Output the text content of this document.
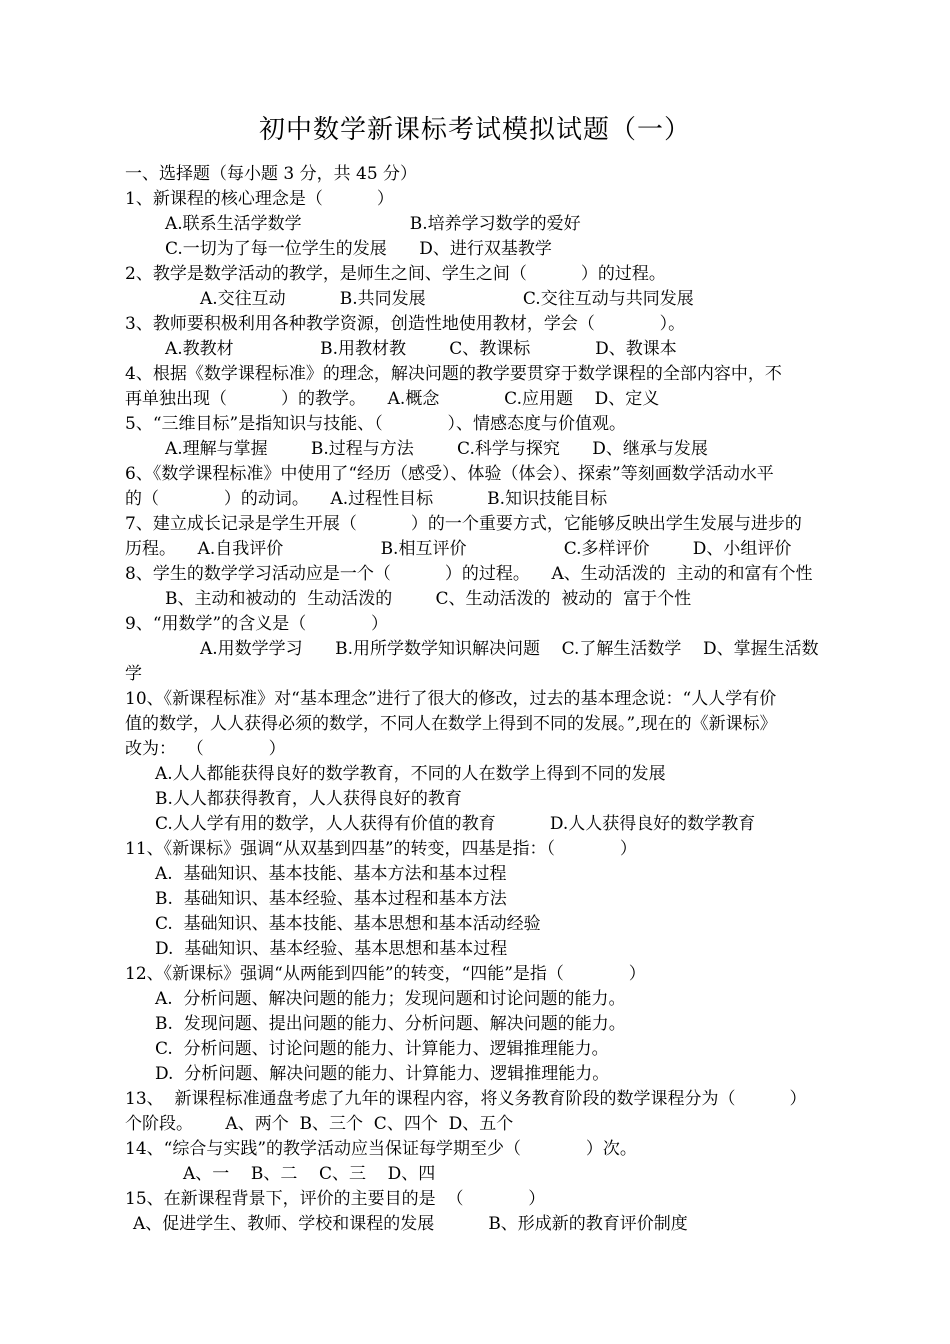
初中数学新课标考试模拟试题（一）
一、选择题（每小题 3 分，共 45 分）
1、新课程的核心理念是（          ）
A.联系生活学数学                    B.培养学习数学的爱好
C.一切为了每一位学生的发展      D、进行双基教学
2、教学是数学活动的教学，是师生之间、学生之间（          ）的过程。
A.交往互动          B.共同发展                  C.交往互动与共同发展
3、教师要积极利用各种教学资源，创造性地使用教材，学会（            ）。
A.教教材                B.用教材教        C、教课标            D、教课本
4、根据《数学课程标准》的理念，解决问题的教学要贯穿于数学课程的全部内容中，不
再单独出现（          ）的教学。    A.概念            C.应用题    D、定义
5、“三维目标”是指知识与技能、（            ）、情感态度与价值观。
A.理解与掌握        B.过程与方法        C.科学与探究      D、继承与发展
6、《数学课程标准》中使用了“经历（感受）、体验（体会）、探索”等刻画数学活动水平
的（            ）的动词。    A.过程性目标          B.知识技能目标
7、建立成长记录是学生开展（          ）的一个重要方式，它能够反映出学生发展与进步的
历程。    A.自我评价                  B.相互评价                  C.多样评价        D、小组评价
8、学生的数学学习活动应是一个（          ）的过程。    A、生动活泼的  主动的和富有个性
B、主动和被动的  生动活泼的        C、生动活泼的  被动的  富于个性
9、“用数学”的含义是（            ）
A.用数学学习      B.用所学数学知识解决问题    C.了解生活数学    D、掌握生活数
学
10、《新课程标准》对“基本理念”进行了很大的修改，过去的基本理念说：“人人学有价
值的数学，人人获得必须的数学，不同人在数学上得到不同的发展。”,现在的《新课标》
改为：  （            ）
A.人人都能获得良好的数学教育，不同的人在数学上得到不同的发展
B.人人都获得教育，人人获得良好的教育
C.人人学有用的数学，人人获得有价值的教育          D.人人获得良好的数学教育
11、《新课标》强调“从双基到四基”的转变，四基是指：（            ）
A.  基础知识、基本技能、基本方法和基本过程
B.  基础知识、基本经验、基本过程和基本方法
C.  基础知识、基本技能、基本思想和基本活动经验
D.  基础知识、基本经验、基本思想和基本过程
12、《新课标》强调“从两能到四能”的转变，“四能”是指（            ）
A.  分析问题、解决问题的能力；发现问题和讨论问题的能力。
B.  发现问题、提出问题的能力、分析问题、解决问题的能力。
C.  分析问题、讨论问题的能力、计算能力、逻辑推理能力。
D.  分析问题、解决问题的能力、计算能力、逻辑推理能力。
13、  新课程标准通盘考虑了九年的课程内容，将义务教育阶段的数学课程分为（          ）
个阶段。      A、两个  B、三个  C、四个  D、五个
14、“综合与实践”的教学活动应当保证每学期至少（            ）次。
A、一    B、二    C、三    D、四
15、在新课程背景下，评价的主要目的是  （            ）
A、促进学生、教师、学校和课程的发展          B、形成新的教育评价制度
